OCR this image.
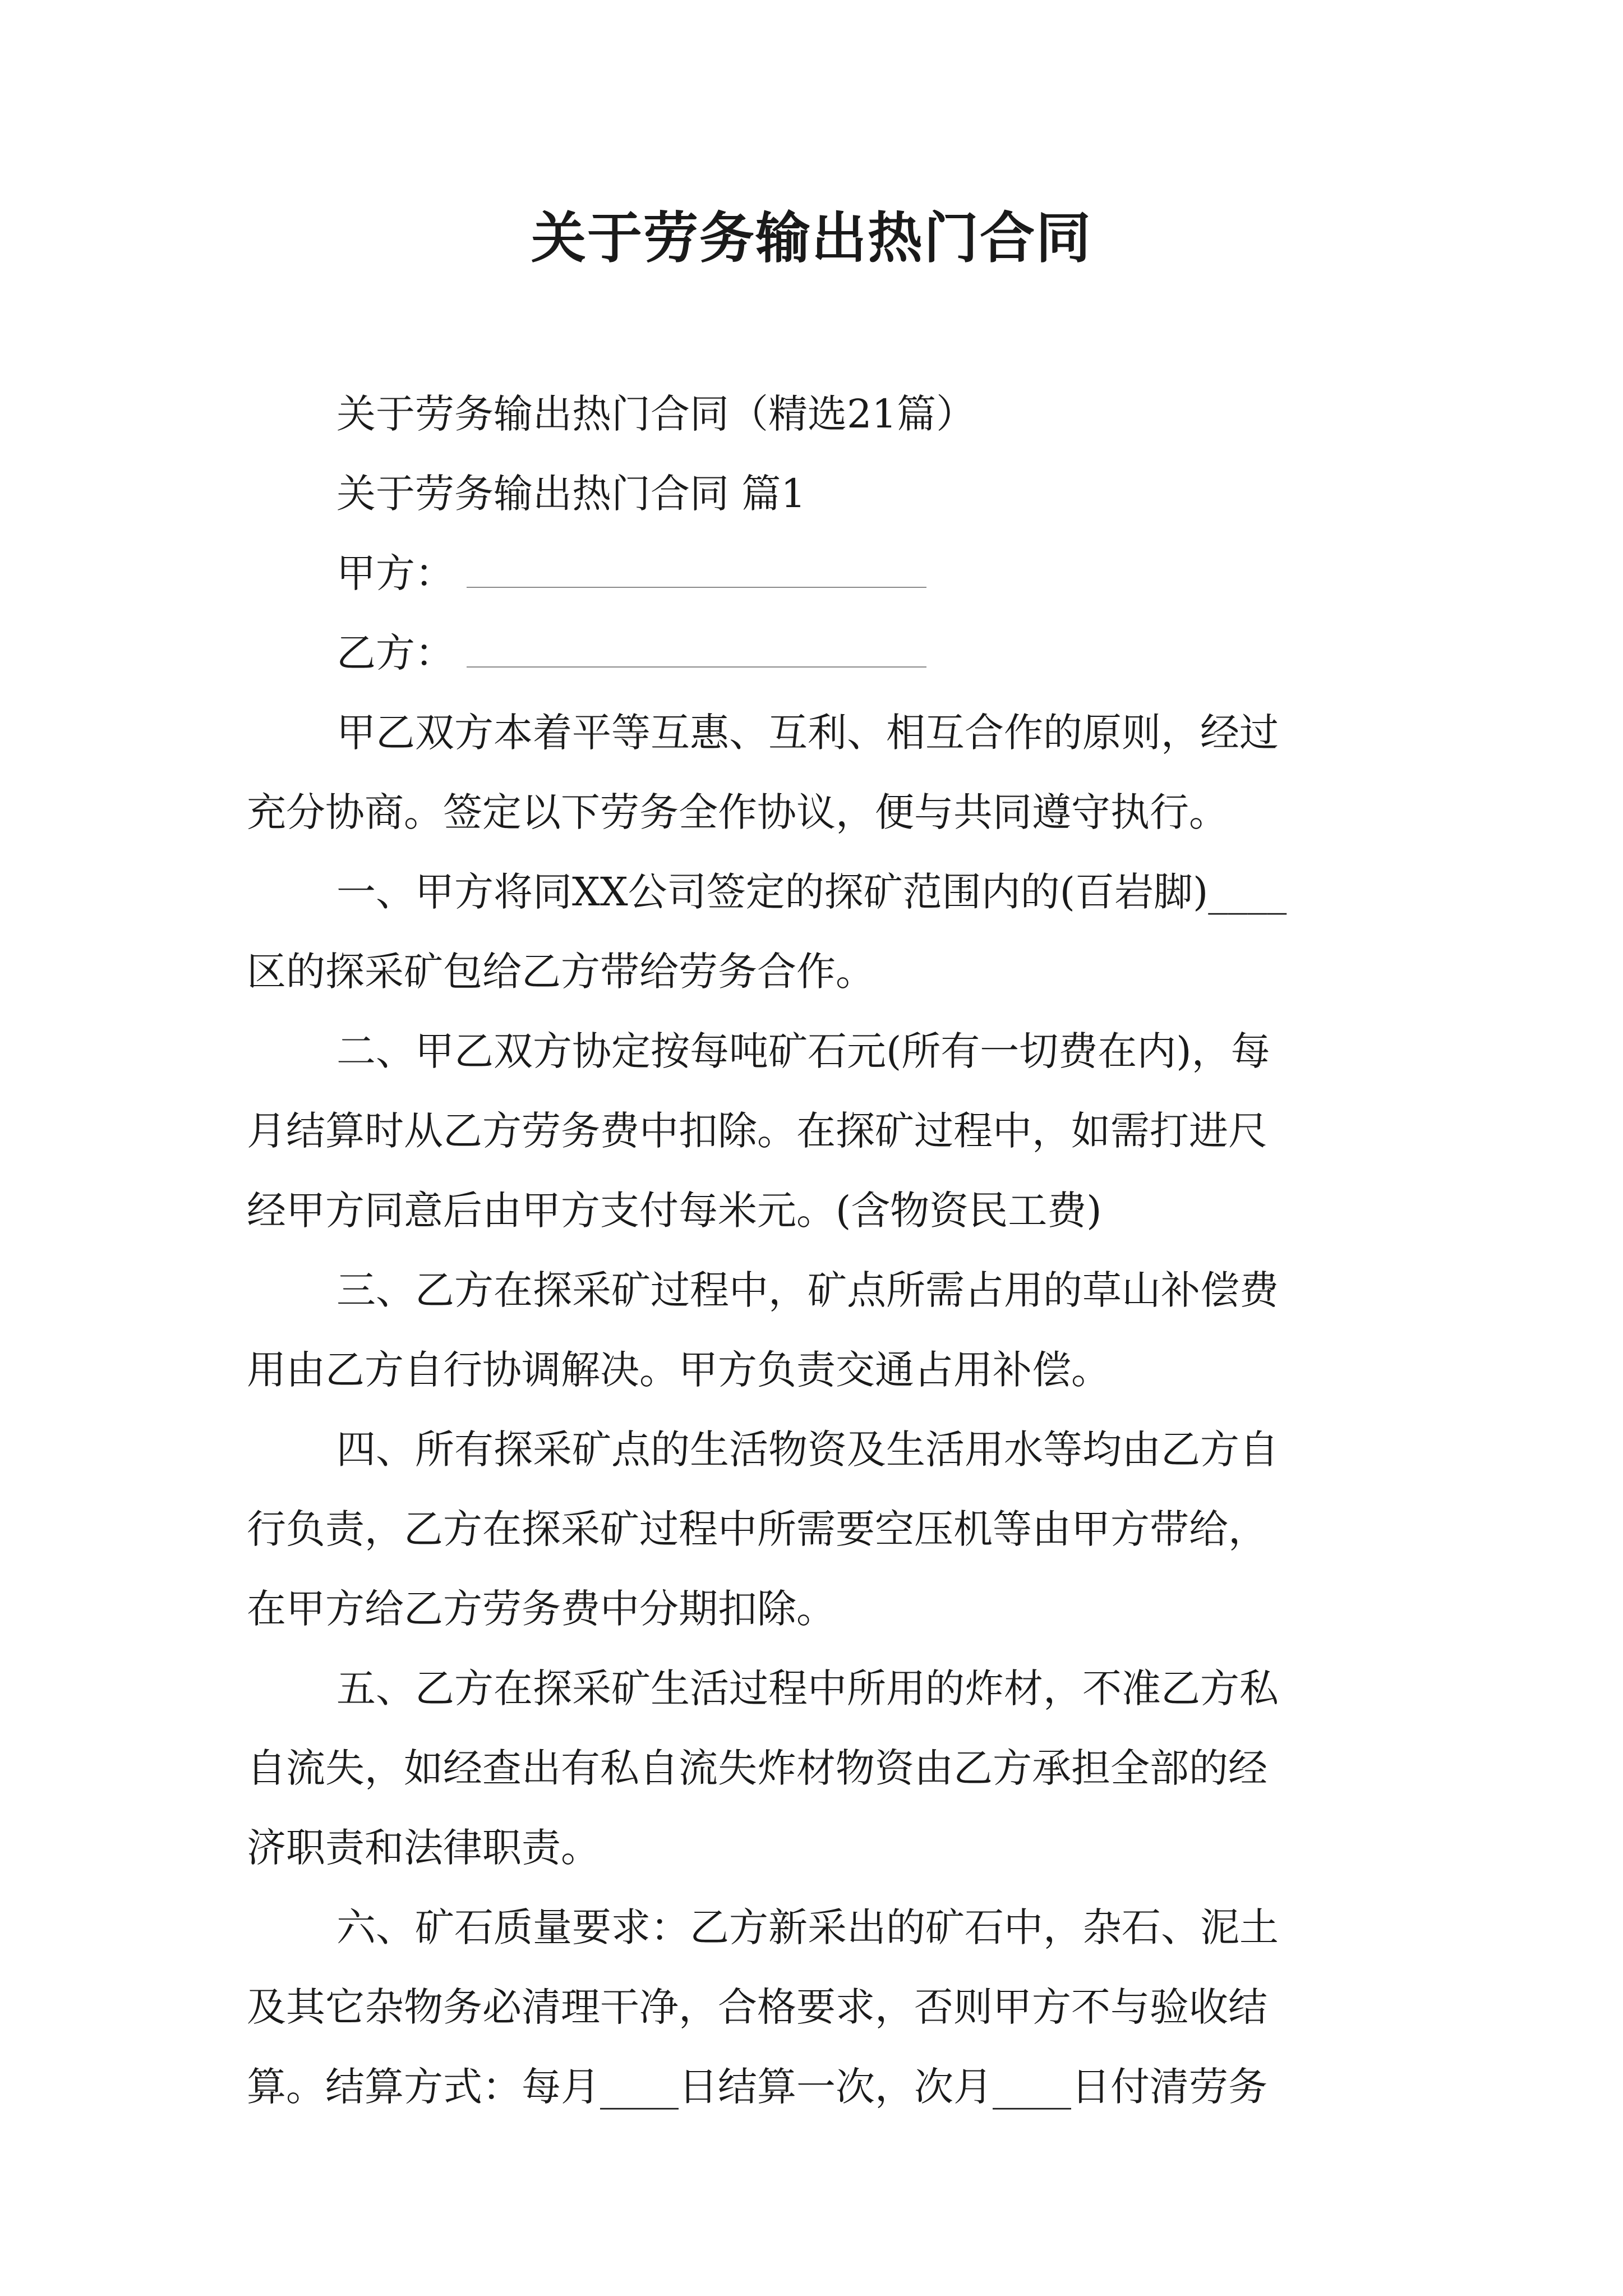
关于劳务输出热门合同

关于劳务输出热门合同（精选21篇）

关于劳务输出热门合同 篇1

甲方：

乙方：

甲乙双方本着平等互惠、互利、相互合作的原则，经过

充分协商。签定以下劳务全作协议，便与共同遵守执行。

一、甲方将同XX公司签定的探矿范围内的(百岩脚)____

区的探采矿包给乙方带给劳务合作。

二、甲乙双方协定按每吨矿石元(所有一切费在内)，每

月结算时从乙方劳务费中扣除。在探矿过程中，如需打进尺

经甲方同意后由甲方支付每米元。(含物资民工费)

三、乙方在探采矿过程中，矿点所需占用的草山补偿费

用由乙方自行协调解决。甲方负责交通占用补偿。

四、所有探采矿点的生活物资及生活用水等均由乙方自

行负责，乙方在探采矿过程中所需要空压机等由甲方带给，

在甲方给乙方劳务费中分期扣除。

五、乙方在探采矿生活过程中所用的炸材，不准乙方私

自流失，如经查出有私自流失炸材物资由乙方承担全部的经

济职责和法律职责。

六、矿石质量要求：乙方新采出的矿石中，杂石、泥土

及其它杂物务必清理干净，合格要求，否则甲方不与验收结

算。结算方式：每月____日结算一次，次月____日付清劳务
